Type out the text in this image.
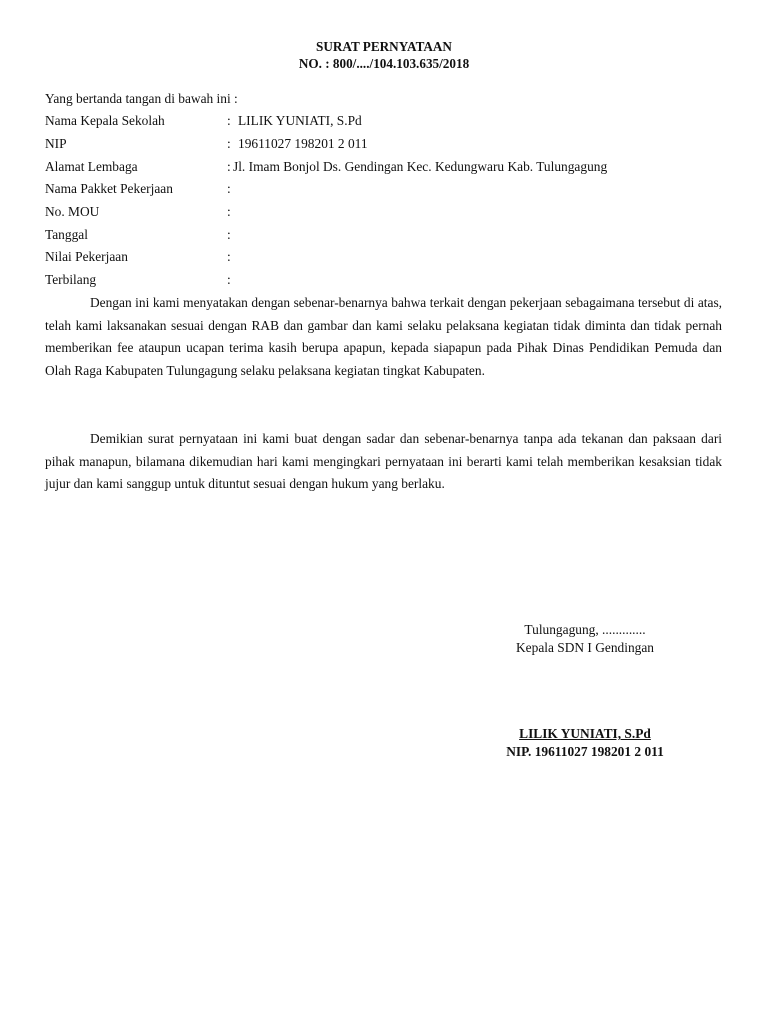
SURAT PERNYATAAN
NO. : 800/..../104.103.635/2018
Yang bertanda tangan di bawah ini :
Nama Kepala Sekolah	: LILIK YUNIATI, S.Pd
NIP	: 19611027 198201 2 011
Alamat Lembaga	: Jl. Imam Bonjol Ds. Gendingan Kec. Kedungwaru Kab. Tulungagung
Nama Pakket Pekerjaan	:
No. MOU	:
Tanggal	:
Nilai Pekerjaan	:
Terbilang	:

Dengan ini kami menyatakan dengan sebenar-benarnya bahwa terkait dengan pekerjaan sebagaimana tersebut di atas, telah kami laksanakan sesuai dengan RAB dan gambar dan kami selaku pelaksana kegiatan tidak diminta dan tidak pernah memberikan fee ataupun ucapan terima kasih berupa apapun, kepada siapapun pada Pihak Dinas Pendidikan Pemuda dan Olah Raga Kabupaten Tulungagung selaku pelaksana kegiatan tingkat Kabupaten.

Demikian surat pernyataan ini kami buat dengan sadar dan sebenar-benarnya tanpa ada tekanan dan paksaan dari pihak manapun, bilamana dikemudian hari kami mengingkari pernyataan ini berarti kami telah memberikan kesaksian tidak jujur dan kami sanggup untuk dituntut sesuai dengan hukum yang berlaku.

Tulungagung, .............
Kepala SDN I Gendingan
LILIK YUNIATI, S.Pd
NIP. 19611027 198201 2 011
